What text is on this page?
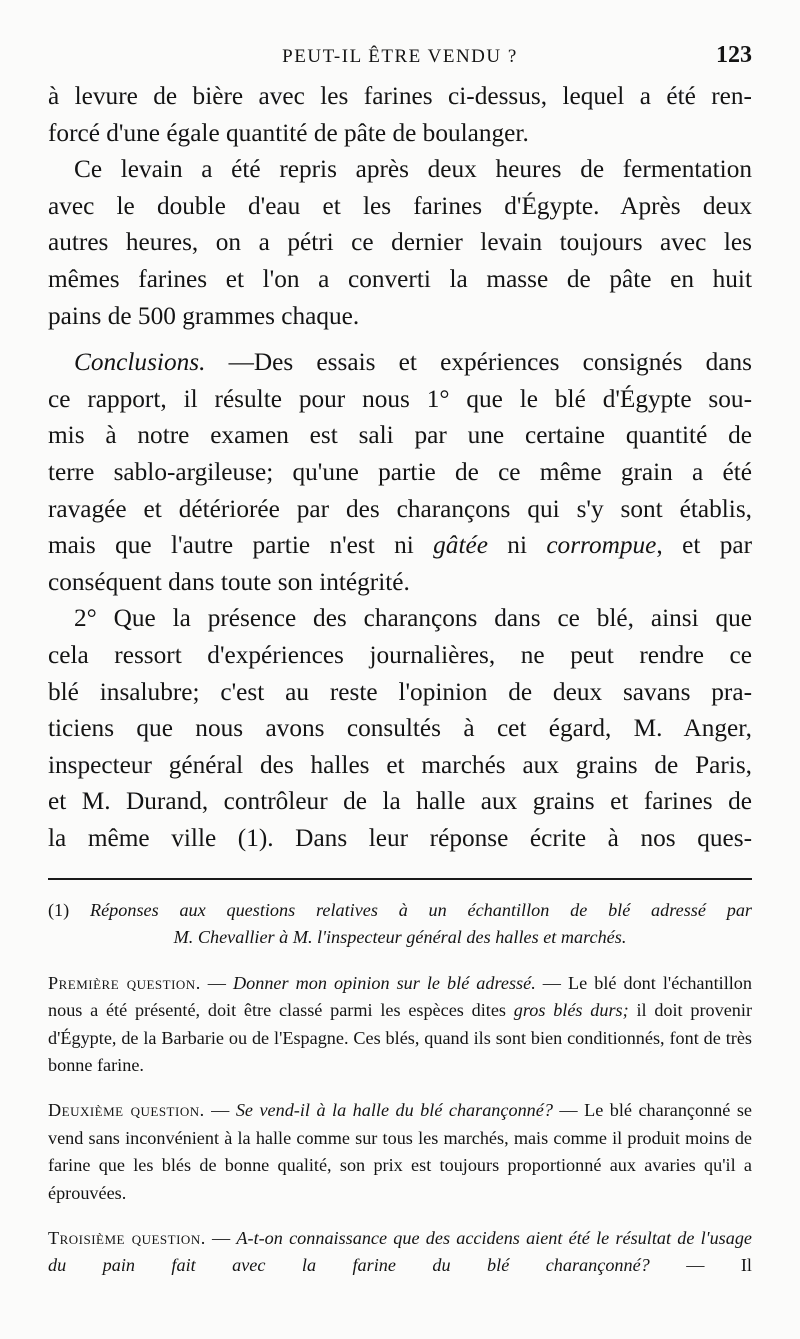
PEUT-IL ÊTRE VENDU ?	123

à levure de bière avec les farines ci-dessus, lequel a été ren-

forcé d'une égale quantité de pâte de boulanger.

Ce levain a été repris après deux heures de fermentation

avec le double d'eau et les farines d'Égypte. Après deux

autres heures, on a pétri ce dernier levain toujours avec les

mêmes farines et l'on a converti la masse de pâte en huit

pains de 500 grammes chaque.

Conclusions. —Des essais et expériences consignés dans

ce rapport, il résulte pour nous 1° que le blé d'Égypte sou-

mis à notre examen est sali par une certaine quantité de

terre sablo-argileuse; qu'une partie de ce même grain a été

ravagée et détériorée par des charançons qui s'y sont établis,

mais que l'autre partie n'est ni gâtée ni corrompue, et par

conséquent dans toute son intégrité.

2° Que la présence des charançons dans ce blé, ainsi que

cela ressort d'expériences journalières, ne peut rendre ce

blé insalubre; c'est au reste l'opinion de deux savans pra-

ticiens que nous avons consultés à cet égard, M. Anger,

inspecteur général des halles et marchés aux grains de Paris,

et M. Durand, contrôleur de la halle aux grains et farines de

la même ville (1). Dans leur réponse écrite à nos ques-

(1) Réponses aux questions relatives à un échantillon de blé adressé par

M. Chevallier à M. l'inspecteur général des halles et marchés.

Première question. — Donner mon opinion sur le blé adressé. — Le blé dont l'échantillon nous a été présenté, doit être classé parmi les espèces dites gros blés durs; il doit provenir d'Égypte, de la Barbarie ou de l'Espagne. Ces blés, quand ils sont bien conditionnés, font de très bonne farine.

Deuxième question. — Se vend-il à la halle du blé charançonné? — Le blé charançonné se vend sans inconvénient à la halle comme sur tous les marchés, mais comme il produit moins de farine que les blés de bonne qualité, son prix est toujours proportionné aux avaries qu'il a éprouvées.

Troisième question. — A-t-on connaissance que des accidens aient été le résultat de l'usage du pain fait avec la farine du blé charançonné? — Il
